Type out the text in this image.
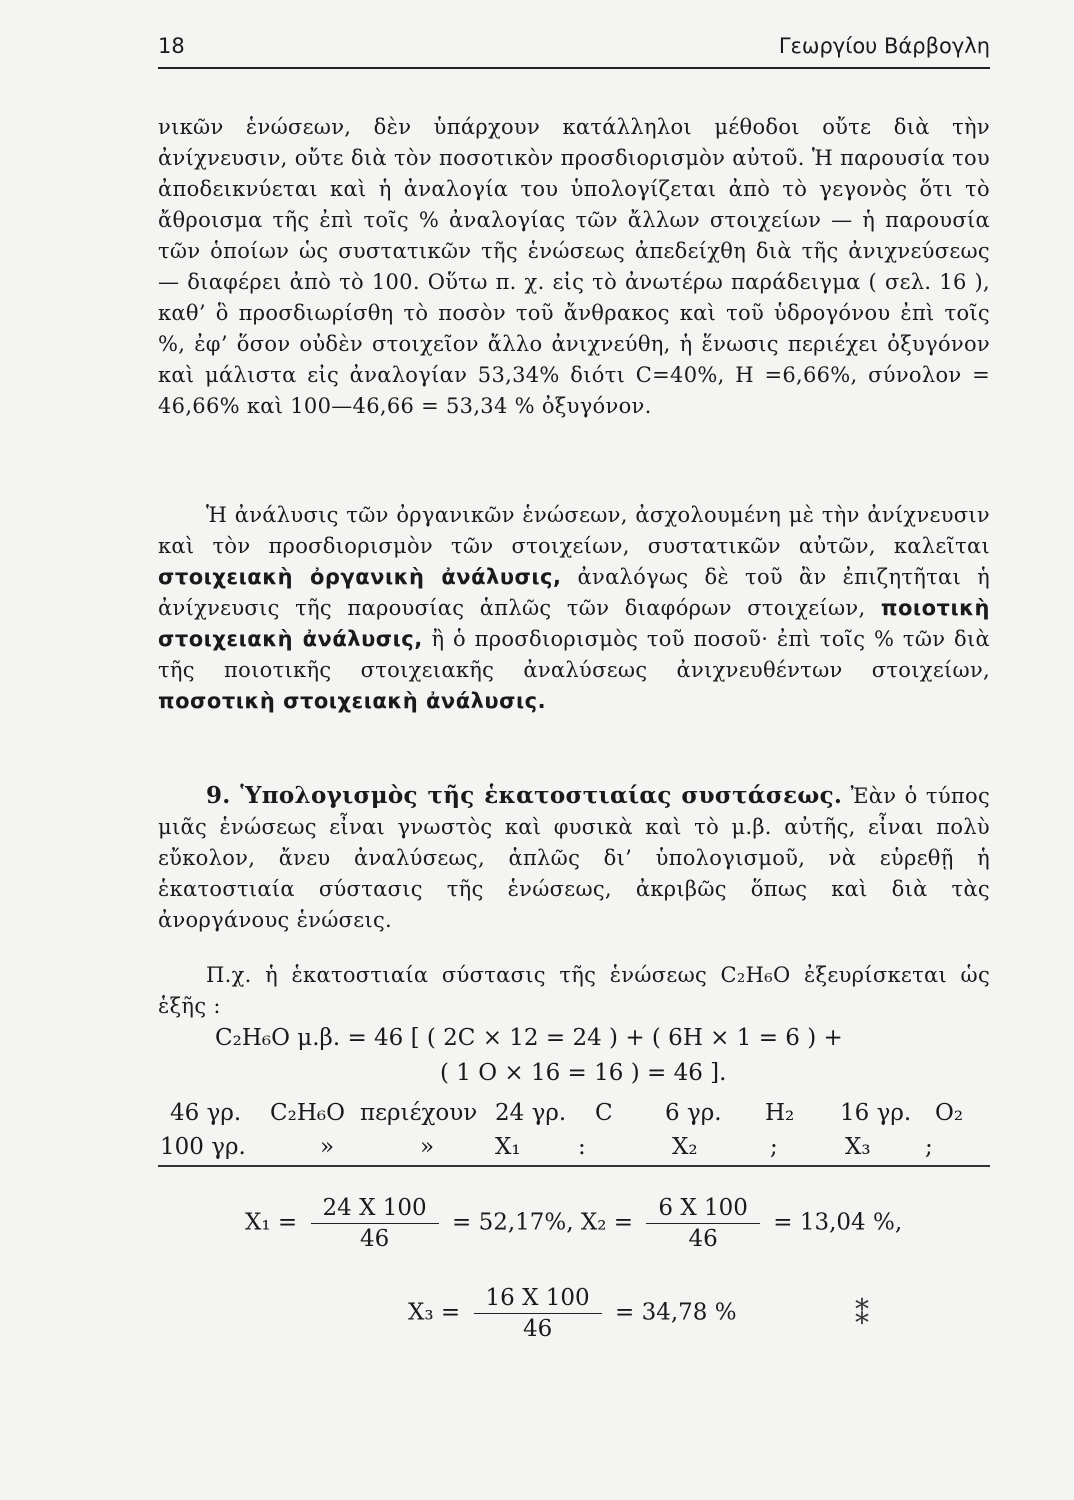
18	Γεωργίου Βάρβογλη

νικῶν ἑνώσεων, δὲν ὑπάρχουν κατάλληλοι μέθοδοι οὔτε διὰ τὴν ἀνίχνευσιν, οὔτε διὰ τὸν ποσοτικὸν προσδιορισμὸν αὐτοῦ. Ἡ παρουσία του ἀποδεικνύεται καὶ ἡ ἀναλογία του ὑπολογίζεται ἀπὸ τὸ γεγονὸς ὅτι τὸ ἄθροισμα τῆς ἐπὶ τοῖς % ἀναλογίας τῶν ἄλλων στοιχείων — ἡ παρουσία τῶν ὁποίων ὡς συστατικῶν τῆς ἑνώσεως ἀπεδείχθη διὰ τῆς ἀνιχνεύσεως — διαφέρει ἀπὸ τὸ 100. Οὕτω π. χ. εἰς τὸ ἀνωτέρω παράδειγμα ( σελ. 16 ), καθ’ ὃ προσδιωρίσθη τὸ ποσὸν τοῦ ἄνθρακος καὶ τοῦ ὑδρογόνου ἐπὶ τοῖς %, ἐφ’ ὅσον οὐδὲν στοιχεῖον ἄλλο ἀνιχνεύθη, ἡ ἕνωσις περιέχει ὀξυγόνον καὶ μάλιστα εἰς ἀναλογίαν 53,34% διότι C=40%, H =6,66%, σύνολον = 46,66% καὶ 100—46,66 = 53,34 % ὀξυγόνον.

Ἡ ἀνάλυσις τῶν ὀργανικῶν ἑνώσεων, ἀσχολουμένη μὲ τὴν ἀνίχνευσιν καὶ τὸν προσδιορισμὸν τῶν στοιχείων, συστατικῶν αὐτῶν, καλεῖται στοιχειακὴ ὀργανικὴ ἀνάλυσις, ἀναλόγως δὲ τοῦ ἂν ἐπιζητῆται ἡ ἀνίχνευσις τῆς παρουσίας ἁπλῶς τῶν διαφόρων στοιχείων, ποιοτικὴ στοιχειακὴ ἀνάλυσις, ἢ ὁ προσδιορισμὸς τοῦ ποσοῦ· ἐπὶ τοῖς % τῶν διὰ τῆς ποιοτικῆς στοιχειακῆς ἀναλύσεως ἀνιχνευθέντων στοιχείων, ποσοτικὴ στοιχειακὴ ἀνάλυσις.

9. Ὑπολογισμὸς τῆς ἑκατοστιαίας συστάσεως. Ἐὰν ὁ τύπος μιᾶς ἑνώσεως εἶναι γνωστὸς καὶ φυσικὰ καὶ τὸ μ.β. αὐτῆς, εἶναι πολὺ εὔκολον, ἄνευ ἀναλύσεως, ἁπλῶς δι’ ὑπολογισμοῦ, νὰ εὑρεθῇ ἡ ἑκατοστιαία σύστασις τῆς ἑνώσεως, ἀκριβῶς ὅπως καὶ διὰ τὰς ἀνοργάνους ἑνώσεις.

Π.χ. ἡ ἑκατοστιαία σύστασις τῆς ἑνώσεως C₂H₆O ἐξευρίσκεται ὡς ἑξῆς :

C₂H₆O μ.β. = 46 [ ( 2C × 12 = 24 ) + ( 6H × 1 = 6 ) +
( 1 O × 16 = 16 ) = 46 ].
46 γρ. C₂H₆O περιέχουν 24 γρ. C 6 γρ. H₂ 16 γρ. O₂
100 γρ.	»	»	X₁ :	X₂	;	X₃ ;
$X_1 = \frac{24 X 100}{46} = 52,17\%$, $X_2 = \frac{6 X 100}{46} = 13,04$ %,
$X_3 = \frac{16 X 100}{46} = 34,78$ %	⁑
